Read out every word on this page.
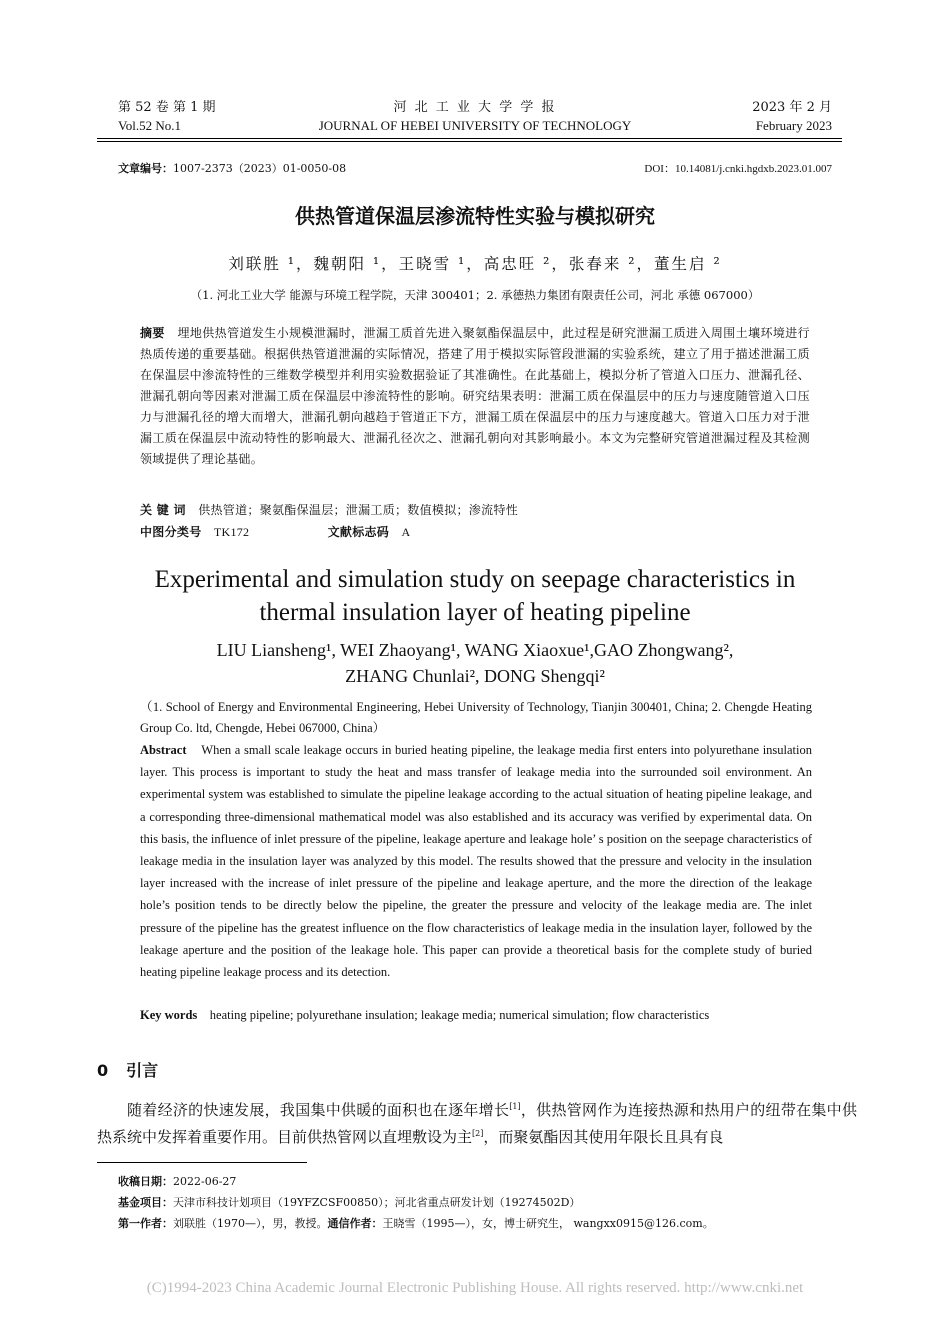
第 52 卷 第 1 期
Vol.52 No.1
河 北 工 业 大 学 学 报
JOURNAL OF HEBEI UNIVERSITY OF TECHNOLOGY
2023 年 2 月
February 2023
文章编号：1007-2373（2023）01-0050-08	DOI：10.14081/j.cnki.hgdxb.2023.01.007
供热管道保温层渗流特性实验与模拟研究
刘联胜 ¹，魏朝阳 ¹，王晓雪 ¹，高忠旺 ²，张春来 ²，董生启 ²
（1. 河北工业大学 能源与环境工程学院，天津 300401；2. 承德热力集团有限责任公司，河北 承德 067000）
摘要 埋地供热管道发生小规模泄漏时，泄漏工质首先进入聚氨酯保温层中，此过程是研究泄漏工质进入周围土壤环境进行热质传递的重要基础。根据供热管道泄漏的实际情况，搭建了用于模拟实际管段泄漏的实验系统，建立了用于描述泄漏工质在保温层中渗流特性的三维数学模型并利用实验数据验证了其准确性。在此基础上，模拟分析了管道入口压力、泄漏孔径、泄漏孔朝向等因素对泄漏工质在保温层中渗流特性的影响。研究结果表明：泄漏工质在保温层中的压力与速度随管道入口压力与泄漏孔径的增大而增大，泄漏孔朝向越趋于管道正下方，泄漏工质在保温层中的压力与速度越大。管道入口压力对于泄漏工质在保温层中流动特性的影响最大、泄漏孔径次之、泄漏孔朝向对其影响最小。本文为完整研究管道泄漏过程及其检测领域提供了理论基础。
关 键 词 供热管道；聚氨酯保温层；泄漏工质；数值模拟；渗流特性
中图分类号 TK172	文献标志码 A
Experimental and simulation study on seepage characteristics in thermal insulation layer of heating pipeline
LIU Liansheng¹, WEI Zhaoyang¹, WANG Xiaoxue¹,GAO Zhongwang²,
ZHANG Chunlai², DONG Shengqi²
（1. School of Energy and Environmental Engineering, Hebei University of Technology, Tianjin 300401, China; 2. Chengde Heating Group Co. ltd, Chengde, Hebei 067000, China）
Abstract When a small scale leakage occurs in buried heating pipeline, the leakage media first enters into polyurethane insulation layer. This process is important to study the heat and mass transfer of leakage media into the surrounded soil environment. An experimental system was established to simulate the pipeline leakage according to the actual situation of heating pipeline leakage, and a corresponding three-dimensional mathematical model was also established and its accuracy was verified by experimental data. On this basis, the influence of inlet pressure of the pipeline, leakage aperture and leakage hole’ s position on the seepage characteristics of leakage media in the insulation layer was analyzed by this model. The results showed that the pressure and velocity in the insulation layer increased with the increase of inlet pressure of the pipeline and leakage aperture, and the more the direction of the leakage hole’s position tends to be directly below the pipeline, the greater the pressure and velocity of the leakage media are. The inlet pressure of the pipeline has the greatest influence on the flow characteristics of leakage media in the insulation layer, followed by the leakage aperture and the position of the leakage hole. This paper can provide a theoretical basis for the complete study of buried heating pipeline leakage process and its detection.
Key words heating pipeline; polyurethane insulation; leakage media; numerical simulation; flow characteristics
0 引言
随着经济的快速发展，我国集中供暖的面积也在逐年增长[1]，供热管网作为连接热源和热用户的纽带在集中供热系统中发挥着重要作用。目前供热管网以直埋敷设为主[2]，而聚氨酯因其使用年限长且具有良
收稿日期：2022-06-27
基金项目：天津市科技计划项目（19YFZCSF00850）；河北省重点研发计划（19274502D）
第一作者：刘联胜（1970—），男，教授。通信作者：王晓雪（1995—），女，博士研究生， wangxx0915@126.com。
(C)1994-2023 China Academic Journal Electronic Publishing House. All rights reserved. http://www.cnki.net
